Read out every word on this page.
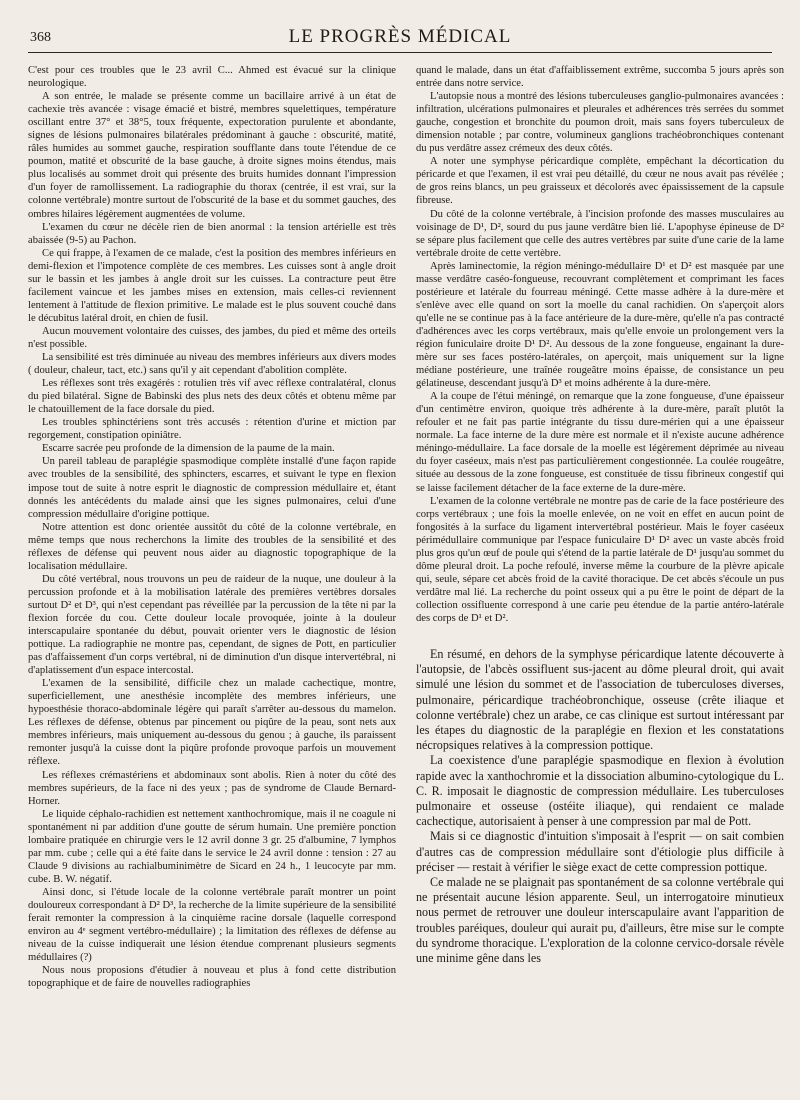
368	LE PROGRÈS MÉDICAL

C'est pour ces troubles que le 23 avril C... Ahmed est évacué sur la clinique neurologique.

A son entrée, le malade se présente comme un bacillaire arrivé à un état de cachexie très avancée : visage émacié et bistré, membres squelettiques, température oscillant entre 37° et 38°5, toux fréquente, expectoration purulente et abondante, signes de lésions pulmonaires bilatérales prédominant à gauche : obscurité, matité, râles humides au sommet gauche, respiration soufflante dans toute l'étendue de ce poumon, matité et obscurité de la base gauche, à droite signes moins étendus, mais plus localisés au sommet droit qui présente des bruits humides donnant l'impression d'un foyer de ramollissement. La radiographie du thorax (centrée, il est vrai, sur la colonne vertébrale) montre surtout de l'obscurité de la base et du sommet gauches, des ombres hilaires légèrement augmentées de volume.

L'examen du cœur ne décèle rien de bien anormal : la tension artérielle est très abaissée (9-5) au Pachon.

Ce qui frappe, à l'examen de ce malade, c'est la position des membres inférieurs en demi-flexion et l'impotence complète de ces membres. Les cuisses sont à angle droit sur le bassin et les jambes à angle droit sur les cuisses. La contracture peut être facilement vaincue et les jambes mises en extension, mais celles-ci reviennent lentement à l'attitude de flexion primitive. Le malade est le plus souvent couché dans le décubitus latéral droit, en chien de fusil.

Aucun mouvement volontaire des cuisses, des jambes, du pied et même des orteils n'est possible.

La sensibilité est très diminuée au niveau des membres inférieurs aux divers modes ( douleur, chaleur, tact, etc.) sans qu'il y ait cependant d'abolition complète.

Les réflexes sont très exagérés : rotulien très vif avec réflexe contralatéral, clonus du pied bilatéral. Signe de Babinski des plus nets des deux côtés et obtenu même par le chatouillement de la face dorsale du pied.

Les troubles sphinctériens sont très accusés : rétention d'urine et miction par regorgement, constipation opiniâtre.

Escarre sacrée peu profonde de la dimension de la paume de la main.

Un pareil tableau de paraplégie spasmodique complète installé d'une façon rapide avec troubles de la sensibilité, des sphincters, escarres, et suivant le type en flexion impose tout de suite à notre esprit le diagnostic de compression médullaire et, étant donnés les antécédents du malade ainsi que les signes pulmonaires, celui d'une compression médullaire d'origine pottique.

Notre attention est donc orientée aussitôt du côté de la colonne vertébrale, en même temps que nous recherchons la limite des troubles de la sensibilité et des réflexes de défense qui peuvent nous aider au diagnostic topographique de la localisation médullaire.

Du côté vertébral, nous trouvons un peu de raideur de la nuque, une douleur à la percussion profonde et à la mobilisation latérale des premières vertèbres dorsales surtout D² et D³, qui n'est cependant pas réveillée par la percussion de la tête ni par la flexion forcée du cou. Cette douleur locale provoquée, jointe à la douleur interscapulaire spontanée du début, pouvait orienter vers le diagnostic de lésion pottique. La radiographie ne montre pas, cependant, de signes de Pott, en particulier pas d'affaissement d'un corps vertébral, ni de diminution d'un disque intervertébral, ni d'aplatissement d'un espace intercostal.

L'examen de la sensibilité, difficile chez un malade cachectique, montre, superficiellement, une anesthésie incomplète des membres inférieurs, une hypoesthésie thoraco-abdominale légère qui paraît s'arrêter au-dessous du mamelon. Les réflexes de défense, obtenus par pincement ou piqûre de la peau, sont nets aux membres inférieurs, mais uniquement au-dessous du genou ; à gauche, ils paraissent remonter jusqu'à la cuisse dont la piqûre profonde provoque parfois un mouvement réflexe.

Les réflexes crémastériens et abdominaux sont abolis. Rien à noter du côté des membres supérieurs, de la face ni des yeux ; pas de syndrome de Claude Bernard-Horner.

Le liquide céphalo-rachidien est nettement xanthochromique, mais il ne coagule ni spontanément ni par addition d'une goutte de sérum humain. Une première ponction lombaire pratiquée en chirurgie vers le 12 avril donne 3 gr. 25 d'albumine, 7 lymphos par mm. cube ; celle qui a été faite dans le service le 24 avril donne : tension : 27 au Claude 9 divisions au rachialbuminimètre de Sicard en 24 h., 1 leucocyte par mm. cube. B. W. négatif.

Ainsi donc, si l'étude locale de la colonne vertébrale paraît montrer un point douloureux correspondant à D² D³, la recherche de la limite supérieure de la sensibilité ferait remonter la compression à la cinquième racine dorsale (laquelle correspond environ au 4ᵉ segment vertébro-médullaire) ; la limitation des réflexes de défense au niveau de la cuisse indiquerait une lésion étendue comprenant plusieurs segments médullaires (?)

Nous nous proposions d'étudier à nouveau et plus à fond cette distribution topographique et de faire de nouvelles radiographies

quand le malade, dans un état d'affaiblissement extrême, succomba 5 jours après son entrée dans notre service.

L'autopsie nous a montré des lésions tuberculeuses ganglio-pulmonaires avancées : infiltration, ulcérations pulmonaires et pleurales et adhérences très serrées du sommet gauche, congestion et bronchite du poumon droit, mais sans foyers tuberculeux de dimension notable ; par contre, volumineux ganglions trachéobronchiques contenant du pus verdâtre assez crémeux des deux côtés.

A noter une symphyse péricardique complète, empêchant la décortication du péricarde et que l'examen, il est vrai peu détaillé, du cœur ne nous avait pas révélée ; de gros reins blancs, un peu graisseux et décolorés avec épaississement de la capsule fibreuse.

Du côté de la colonne vertébrale, à l'incision profonde des masses musculaires au voisinage de D¹, D², sourd du pus jaune verdâtre bien lié. L'apophyse épineuse de D² se sépare plus facilement que celle des autres vertèbres par suite d'une carie de la lame vertébrale droite de cette vertèbre.

Après laminectomie, la région méningo-médullaire D¹ et D² est masquée par une masse verdâtre caséo-fongueuse, recouvrant complètement et comprimant les faces postérieure et latérale du fourreau méningé. Cette masse adhère à la dure-mère et s'enlève avec elle quand on sort la moelle du canal rachidien. On s'aperçoit alors qu'elle ne se continue pas à la face antérieure de la dure-mère, qu'elle n'a pas contracté d'adhérences avec les corps vertébraux, mais qu'elle envoie un prolongement vers la région funiculaire droite D¹ D². Au dessous de la zone fongueuse, engainant la dure-mère sur ses faces postéro-latérales, on aperçoit, mais uniquement sur la ligne médiane postérieure, une traînée rougeâtre moins épaisse, de consistance un peu gélatineuse, descendant jusqu'à D³ et moins adhérente à la dure-mère.

A la coupe de l'étui méningé, on remarque que la zone fongueuse, d'une épaisseur d'un centimètre environ, quoique très adhérente à la dure-mère, paraît plutôt la refouler et ne fait pas partie intégrante du tissu dure-mérien qui a une épaisseur normale. La face interne de la dure mère est normale et il n'existe aucune adhérence méningo-médullaire. La face dorsale de la moelle est légèrement déprimée au niveau du foyer caséeux, mais n'est pas particulièrement congestionnée. La coulée rougeâtre, située au dessous de la zone fongueuse, est constituée de tissu fibrineux congestif qui se laisse facilement détacher de la face externe de la dure-mère.

L'examen de la colonne vertébrale ne montre pas de carie de la face postérieure des corps vertébraux ; une fois la moelle enlevée, on ne voit en effet en aucun point de fongosités à la surface du ligament intervertébral postérieur. Mais le foyer caséeux périmédullaire communique par l'espace funiculaire D¹ D² avec un vaste abcès froid plus gros qu'un œuf de poule qui s'étend de la partie latérale de D¹ jusqu'au sommet du dôme pleural droit. La poche refoulé, inverse même la courbure de la plèvre apicale qui, seule, sépare cet abcès froid de la cavité thoracique. De cet abcès s'écoule un pus verdâtre mal lié. La recherche du point osseux qui a pu être le point de départ de la collection ossifluente correspond à une carie peu étendue de la partie antéro-latérale des corps de D¹ et D².

En résumé, en dehors de la symphyse péricardique latente découverte à l'autopsie, de l'abcès ossifluent sus-jacent au dôme pleural droit, qui avait simulé une lésion du sommet et de l'association de tuberculoses diverses, pulmonaire, péricardique trachéobronchique, osseuse (crête iliaque et colonne vertébrale) chez un arabe, ce cas clinique est surtout intéressant par les étapes du diagnostic de la paraplégie en flexion et les constatations nécropsiques relatives à la compression pottique.

La coexistence d'une paraplégie spasmodique en flexion à évolution rapide avec la xanthochromie et la dissociation albumino-cytologique du L. C. R. imposait le diagnostic de compression médullaire. Les tuberculoses pulmonaire et osseuse (ostéite iliaque), qui rendaient ce malade cachectique, autorisaient à penser à une compression par mal de Pott.

Mais si ce diagnostic d'intuition s'imposait à l'esprit — on sait combien d'autres cas de compression médullaire sont d'étiologie plus difficile à préciser — restait à vérifier le siège exact de cette compression pottique.

Ce malade ne se plaignait pas spontanément de sa colonne vertébrale qui ne présentait aucune lésion apparente. Seul, un interrogatoire minutieux nous permet de retrouver une douleur interscapulaire avant l'apparition de troubles paréiques, douleur qui aurait pu, d'ailleurs, être mise sur le compte du syndrome thoracique. L'exploration de la colonne cervico-dorsale révèle une minime gêne dans les
